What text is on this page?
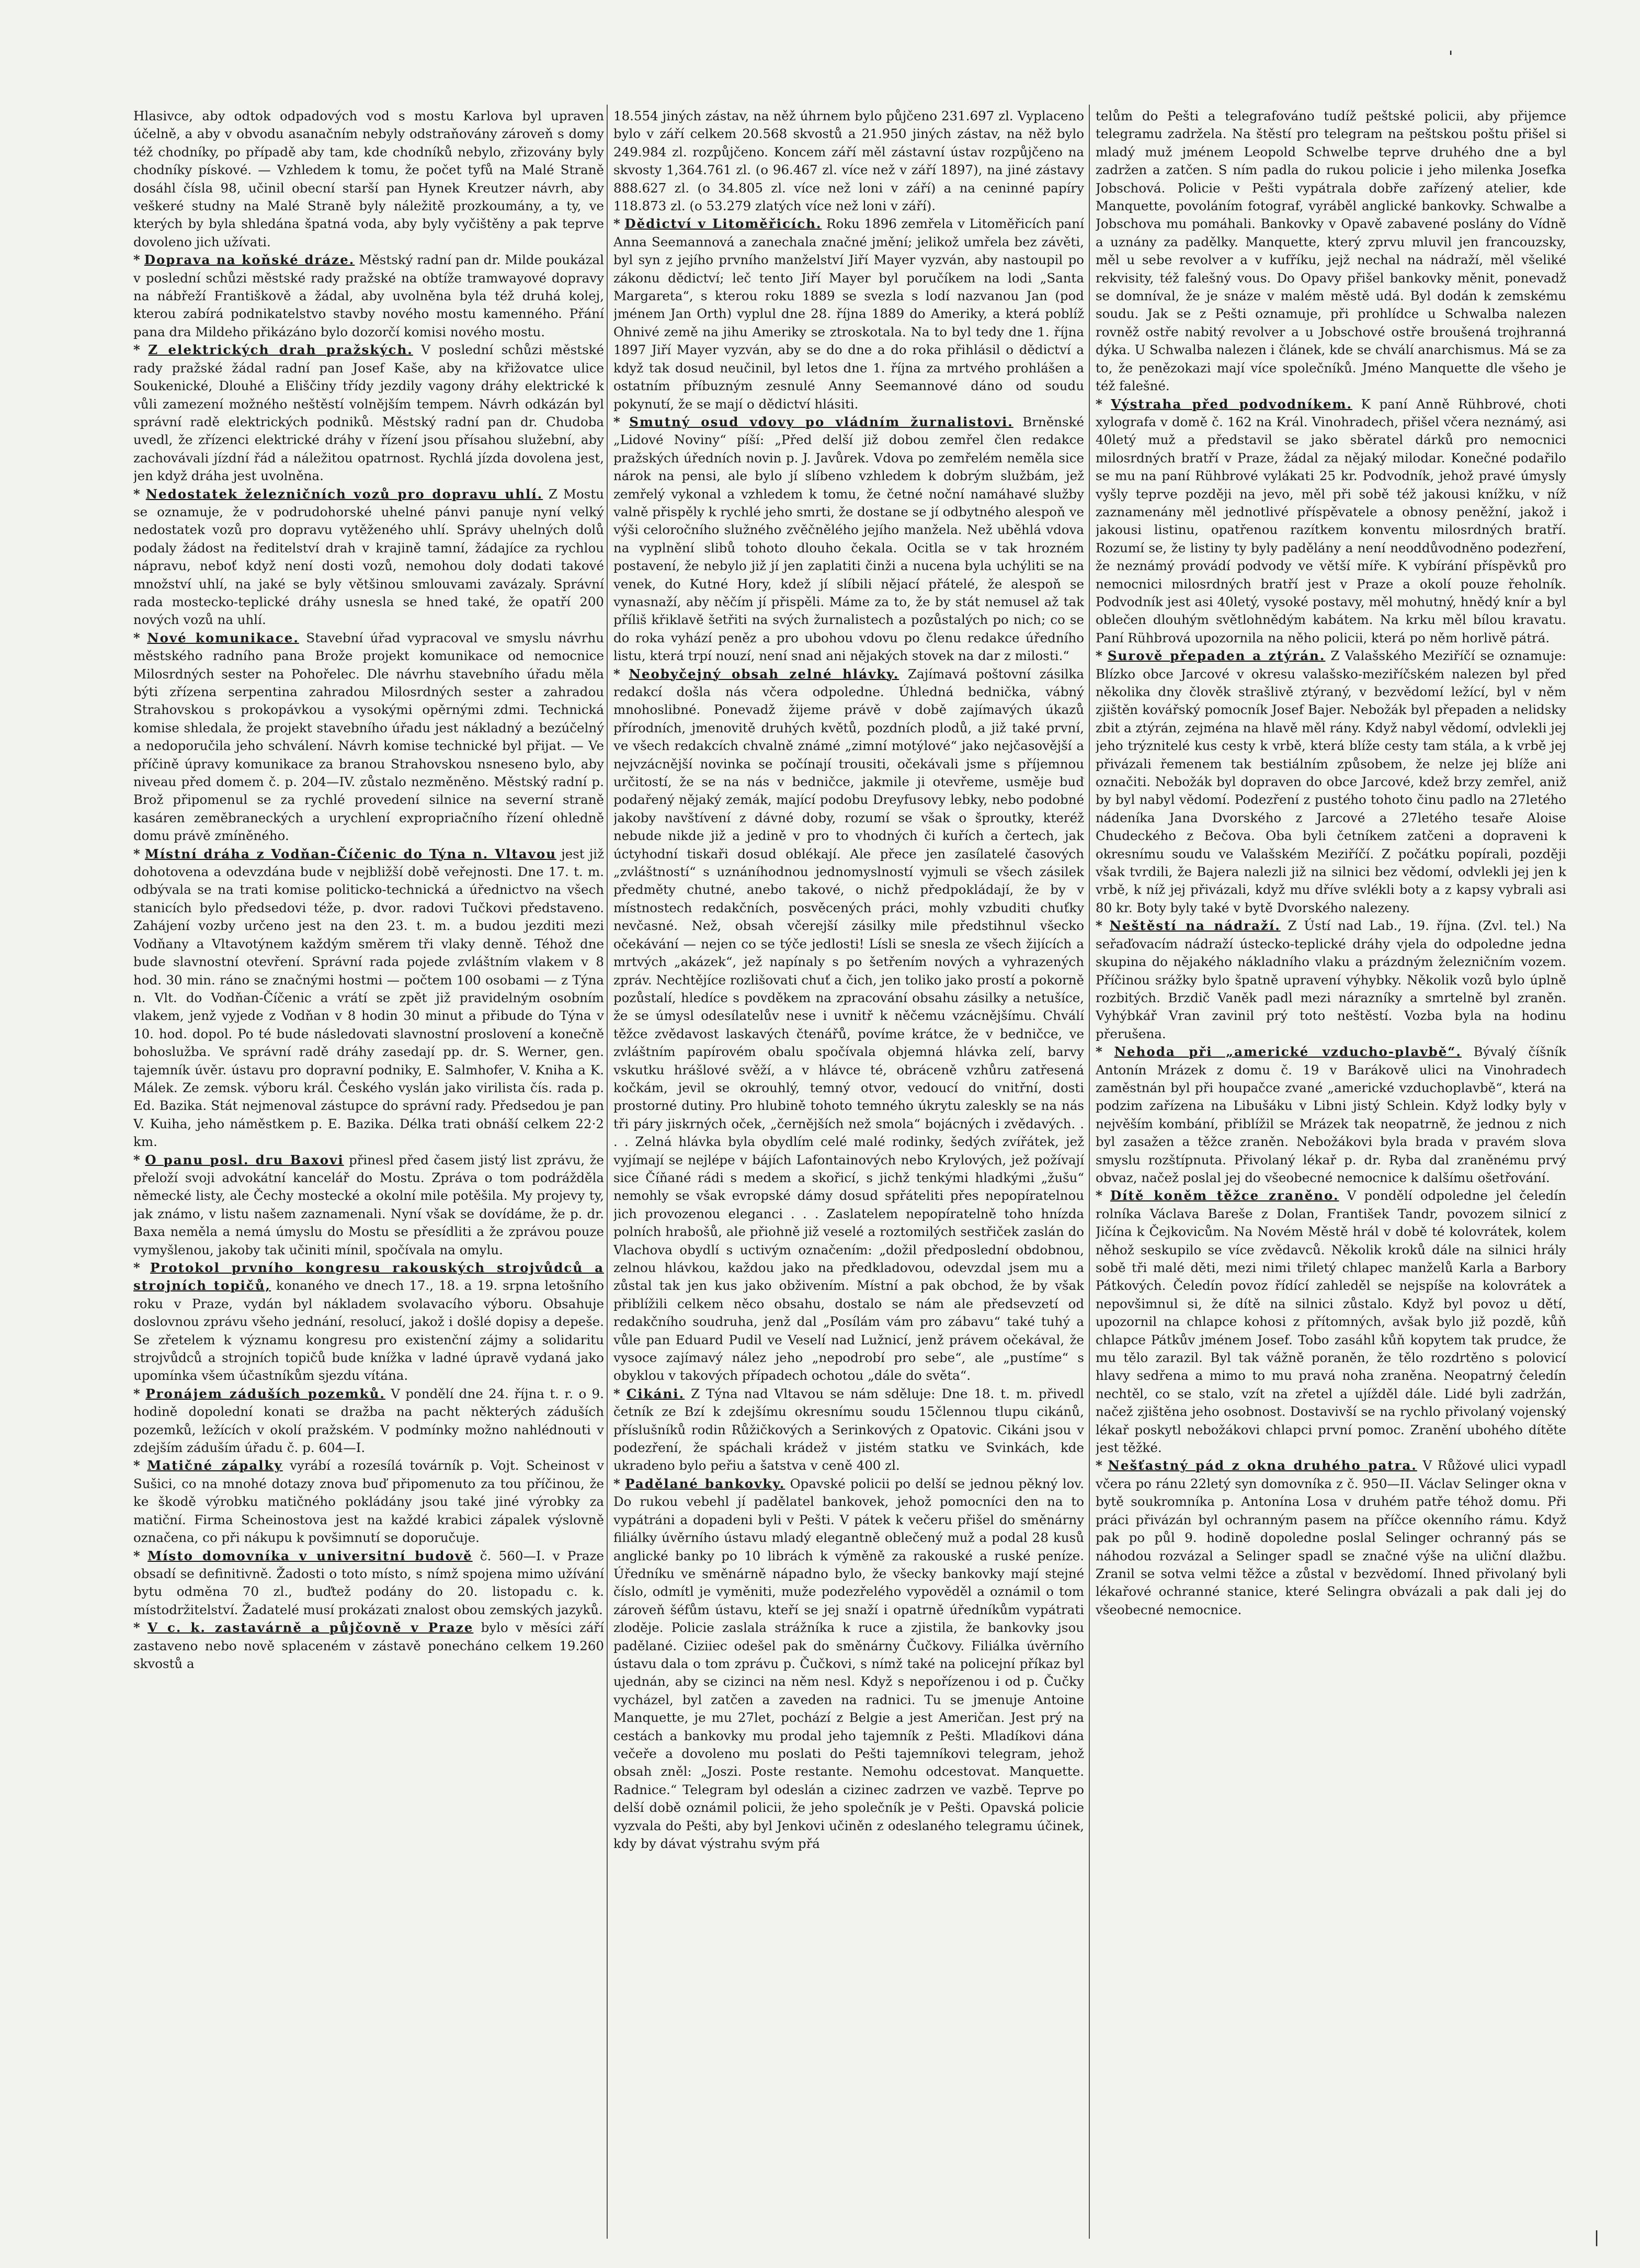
'
|

Hlasivce, aby odtok odpadových vod s mostu Karlova byl upraven účelně, a aby v obvodu asanačním nebyly odstraňovány zároveň s domy též chodníky, po případě aby tam, kde chodníků nebylo, zřizovány byly chodníky pískové. — Vzhledem k tomu, že počet tyfů na Malé Straně dosáhl čísla 98, učinil obecní starší pan Hynek Kreutzer návrh, aby veškeré studny na Malé Straně byly náležitě prozkoumány, a ty, ve kterých by byla shledána špatná voda, aby byly vyčištěny a pak teprve dovoleno jich užívati.

* Doprava na koňské dráze. Městský radní pan dr. Milde poukázal v poslední schůzi městské rady pražské na obtíže tramwayové dopravy na nábřeží Františkově a žádal, aby uvolněna byla též druhá kolej, kterou zabírá podnikatelstvo stavby nového mostu kamenného. Přání pana dra Mildeho přikázáno bylo dozorčí komisi nového mostu.

* Z elektrických drah pražských. V poslední schůzi městské rady pražské žádal radní pan Josef Kaše, aby na křižovatce ulice Soukenické, Dlouhé a Eliščiny třídy jezdily vagony dráhy elektrické k vůli zamezení možného neštěstí volnějším tempem. Návrh odkázán byl správní radě elektrických podniků. Městský radní pan dr. Chudoba uvedl, že zřízenci elektrické dráhy v řízení jsou přísahou služební, aby zachovávali jízdní řád a náležitou opatrnost. Rychlá jízda dovolena jest, jen když dráha jest uvolněna.

* Nedostatek železničních vozů pro dopravu uhlí. Z Mostu se oznamuje, že v podrudohorské uhelné pánvi panuje nyní velký nedostatek vozů pro dopravu vytěženého uhlí. Správy uhelných dolů podaly žádost na ředitelství drah v krajině tamní, žádajíce za rychlou nápravu, neboť když není dosti vozů, nemohou doly dodati takové množství uhlí, na jaké se byly většinou smlouvami zavázaly. Správní rada mostecko-teplické dráhy usnesla se hned také, že opatří 200 nových vozů na uhlí.

* Nové komunikace. Stavební úřad vypracoval ve smyslu návrhu městského radního pana Brože projekt komunikace od nemocnice Milosrdných sester na Pohořelec. Dle návrhu stavebního úřadu měla býti zřízena serpentina zahradou Milosrdných sester a zahradou Strahovskou s prokopávkou a vysokými opěrnými zdmi. Technická komise shledala, že projekt stavebního úřadu jest nákladný a bezúčelný a nedoporučila jeho schválení. Návrh komise technické byl přijat. — Ve příčině úpravy komunikace za branou Strahovskou nsneseno bylo, aby niveau před domem č. p. 204—IV. zůstalo nezměněno. Městský radní p. Brož připomenul se za rychlé provedení silnice na severní straně kasáren zeměbraneckých a urychlení expropriačního řízení ohledně domu právě zmíněného.

* Místní dráha z Vodňan-Číčenic do Týna n. Vltavou jest již dohotovena a odevzdána bude v nejbližší době veřejnosti. Dne 17. t. m. odbývala se na trati komise politicko-technická a úřednictvo na všech stanicích bylo předsedovi téže, p. dvor. radovi Tučkovi představeno. Zahájení vozby určeno jest na den 23. t. m. a budou jezditi mezi Vodňany a Vltavotýnem každým směrem tři vlaky denně. Téhož dne bude slavnostní otevření. Správní rada pojede zvláštním vlakem v 8 hod. 30 min. ráno se značnými hostmi — počtem 100 osobami — z Týna n. Vlt. do Vodňan-Číčenic a vrátí se zpět již pravidelným osobním vlakem, jenž vyjede z Vodňan v 8 hodin 30 minut a přibude do Týna v 10. hod. dopol. Po té bude následovati slavnostní proslovení a konečně bohoslužba. Ve správní radě dráhy zasedají pp. dr. S. Werner, gen. tajemník úvěr. ústavu pro dopravní podniky, E. Salmhofer, V. Kniha a K. Málek. Ze zemsk. výboru král. Českého vyslán jako virilista čís. rada p. Ed. Bazika. Stát nejmenoval zástupce do správní rady. Předsedou je pan V. Kuiha, jeho náměstkem p. E. Bazika. Délka trati obnáší celkem 22·2 km.

* O panu posl. dru Baxovi přinesl před časem jistý list zprávu, že přeloží svoji advokátní kancelář do Mostu. Zpráva o tom podrážděla německé listy, ale Čechy mostecké a okolní mile potěšila. My projevy ty, jak známo, v listu našem zaznamenali. Nyní však se dovídáme, že p. dr. Baxa nemělа a nemá úmyslu do Mostu se přesídliti a že zprávou pouze vymyšlenou, jakoby tak učiniti mínil, spočívala na omylu.

* Protokol prvního kongresu rakouských strojvůdců a strojních topičů, konaného ve dnech 17., 18. a 19. srpna letošního roku v Praze, vydán byl nákladem svolavacího výboru. Obsahuje doslovnou zprávu všeho jednání, resolucí, jakož i došlé dopisy a depeše. Se zřetelem k významu kongresu pro existenční zájmy a solidaritu strojvůdců a strojních topičů bude knížka v ladné úpravě vydaná jako upomínka všem účastníkům sjezdu vítána.

* Pronájem záduších pozemků. V pondělí dne 24. října t. r. o 9. hodině dopolední konati se dražba na pacht některých záduších pozemků, ležících v okolí pražském. V podmínky možno nahlédnouti v zdejším záduším úřadu č. p. 604—I.

* Matičné zápalky vyrábí a rozesílá továrník p. Vojt. Scheinost v Sušici, co na mnohé dotazy znova buď připomenuto za tou příčinou, že ke škodě výrobku matičného pokládány jsou také jiné výrobky za matiční. Firma Scheinostova jest na každé krabici zápalek výslovně označena, co při nákupu k povšimnutí se doporučuje.

* Místo domovníka v universitní budově č. 560—I. v Praze obsadí se definitivně. Žadosti o toto místo, s nímž spojena mimo užívání bytu odměna 70 zl., buďtež podány do 20. listopadu c. k. místodržitelství. Žadatelé musí prokázati znalost obou zemských jazyků.

* V c. k. zastavárně a půjčovně v Praze bylo v měsíci září zastaveno nebo nově splaceném v zástavě ponecháno celkem 19.260 skvostů a

18.554 jiných zástav, na něž úhrnem bylo půjčeno 231.697 zl. Vyplaceno bylo v září celkem 20.568 skvostů a 21.950 jiných zástav, na něž bylo 249.984 zl. rozpůjčeno. Koncem září měl zástavní ústav rozpůjčeno na skvosty 1,364.761 zl. (o 96.467 zl. více než v září 1897), na jiné zástavy 888.627 zl. (o 34.805 zl. více než loni v září) a na ceninné papíry 118.873 zl. (o 53.279 zlatých více než loni v září).

* Dědictví v Litoměřicích. Roku 1896 zemřela v Litoměřicích paní Anna Seemannová a zanechala značné jmění; jelikož umřela bez závěti, byl syn z jejího prvního manželství Jiří Mayer vyzván, aby nastoupil po zákonu dědictví; leč tento Jiří Mayer byl poručíkem na lodi „Santa Margareta“, s kterou roku 1889 se svezla s lodí nazvanou Jan (pod jménem Jan Orth) vyplul dne 28. října 1889 do Ameriky, a která poblíž Ohnivé země na jihu Ameriky se ztroskotala. Na to byl tedy dne 1. října 1897 Jiří Mayer vyzván, aby se do dne a do roka přihlásil o dědictví a když tak dosud neučinil, byl letos dne 1. října za mrtvého prohlášen a ostatním příbuzným zesnulé Anny Seemannové dáno od soudu pokynutí, že se mají o dědictví hlásiti.

* Smutný osud vdovy po vládním žurnalistovi. Brněnské „Lidové Noviny“ píší: „Před delší již dobou zemřel člen redakce pražských úředních novin p. J. Javůrek. Vdova po zemřelém neměla sice nárok na pensi, ale bylo jí slíbeno vzhledem k dobrým službám, jež zemřelý vykonal a vzhledem k tomu, že četné noční namáhavé služby valně přispěly k rychlé jeho smrti, že dostane se jí odbytného alespoň ve výši celoročního služného zvěčnělého jejího manžela. Než uběhlá vdova na vyplnění slibů tohoto dlouho čekala. Ocitla se v tak hrozném postavení, že nebylo již jí jen zaplatiti činži a nucena byla uchýliti se na venek, do Kutné Hory, kdež jí slíbili nějací přátelé, že alespoň se vynasnaží, aby něčím jí přispěli. Máme za to, že by stát nemusel až tak příliš křiklavě šetřiti na svých žurnalistech a pozůstalých po nich; co se do roka vyhází peněz a pro ubohou vdovu po členu redakce úředního listu, která trpí nouzí, není snad ani nějakých stovek na dar z milosti.“

* Neobyčejný obsah zelné hlávky. Zajímavá poštovní zásilka redakcí došla nás včera odpoledne. Úhledná bednička, vábný mnohoslibné. Ponevadž žijeme právě v době zajímavých úkazů přírodních, jmenovitě druhých květů, pozdních plodů, a již také první, ve všech redakcích chvalně známé „zimní motýlové“ jako nejčasovější a nejvzácnější novinka se počínají trousiti, očekávali jsme s příjemnou určitostí, že se na nás v bedničce, jakmile ji otevřeme, usměje buď podařený nějaký zemák, mající podobu Dreyfusovy lebky, nebo podobné jakoby navštívení z dávné doby, rozumí se však o šproutky, kteréž nebude nikde již a jedině v pro to vhodných či kuřích a čertech, jak úctyhodní tiskaři dosud oblékají. Ale přece jen zasílatelé časových „zvláštností“ s uznáníhodnou jednomyslností vyjmuli se všech zásilek předměty chutné, anebo takové, o nichž předpokládají, že by v místnostech redakčních, posvěcených práci, mohly vzbuditi chuťky nevčasné. Než, obsah včerejší zásilky mile předstihnul všecko očekávání — nejen co se týče jedlosti! Lísli se snesla ze všech žijících a mrtvých „akázek“, jež napínaly s po šetřením nových a vyhrazených zpráv. Nechtějíce rozlišovati chuť a čich, jen toliko jako prostí a pokorně pozůstalí, hledíce s povděkem na zpracování obsahu zásilky a netušíce, že se úmysl odesílatelův nese i uvnitř k něčemu vzácnějšímu. Chválí těžce zvědavost laskavých čtenářů, povíme krátce, že v bedničce, ve zvláštním papírovém obalu spočívala objemná hlávka zelí, barvy vskutku hrášlové svěží, a v hlávce té, obráceně vzhůru zatřesená kočkám, jevil se okrouhlý, temný otvor, vedoucí do vnitřní, dosti prostorné dutiny. Pro hlubině tohoto temného úkrytu zaleskly se na nás tři páry jiskrných oček, „černějších než smola“ bojácných i zvědavých. . . . Zelná hlávka byla obydlím celé malé rodinky, šedých zvířátek, jež vyjímají se nejlépe v bájích Lafontainových nebo Krylových, jež požívají sice Číňané rádi s medem a skořicí, s jichž tenkými hladkými „žušu“ nemohly se však evropské dámy dosud spřáteliti přes nepopíratelnou jich provozenou eleganci . . . Zaslatelem nepopíratelně toho hnízda polních hrabošů, ale přiohně již veselé a roztomilých sestřiček zaslán do Vlachova obydlí s uctivým označením: „dožil předposlední obdobnou, zelnou hlávkou, každou jako na předkladovou, odevzdal jsem mu a zůstal tak jen kus jako obživením. Místní a pak obchod, že by však přiblížili celkem něco obsahu, dostalo se nám ale předsevzetí od redakčního soudruha, jenž dal „Posílám vám pro zábavu“ také tuhý a vůle pan Eduard Pudil ve Veselí nad Lužnicí, jenž právem očekával, že vysoce zajímavý nález jeho „nepodrobí pro sebe“, ale „pustíme“ s obyklou v takových případech ochotou „dále do světa“.

* Cikáni. Z Týna nad Vltavou se nám sděluje: Dne 18. t. m. přivedl četník ze Bzí k zdejšímu okresnímu soudu 15člennou tlupu cikánů, příslušníků rodin Růžičkových a Serinkových z Opatovic. Cikáni jsou v podezření, že spáchali krádež v jistém statku ve Svinkách, kde ukradeno bylo peřiu a šatstva v ceně 400 zl.

* Padělané bankovky. Opavské policii po delší se jednou pěkný lov. Do rukou vebehl jí padělatel bankovek, jehož pomocníci den na to vypátráni a dopadeni byli v Pešti. V pátek k večeru přišel do směnárny filiálky úvěrního ústavu mladý elegantně oblečený muž a podal 28 kusů anglické banky po 10 librách k výměně za rakouské a ruské peníze. Úředníku ve směnárně nápadno bylo, že všecky bankovky mají stejné číslo, odmítl je vyměniti, muže podezřelého vypověděl a oznámil o tom zároveň šéfům ústavu, kteří se jej snaží i opatrně úředníkům vypátrati zloděje. Policie zaslala strážníka k ruce a zjistila, že bankovky jsou padělané. Ciziiec odešel pak do směnárny Čučkovy. Filiálka úvěrního ústavu dala o tom zprávu p. Čučkovi, s nímž také na policejní příkaz byl ujednán, aby se cizinci na něm nesl. Když s nepořízenou i od p. Čučky vycházel, byl zatčen a zaveden na radnici. Tu se jmenuje Antoine Manquette, je mu 27let, pochází z Belgie a jest Američan. Jest prý na cestách a bankovky mu prodal jeho tajemník z Pešti. Mladíkovi dána večeře a dovoleno mu poslati do Pešti tajemníkovi telegram, jehož obsah zněl: „Joszi. Poste restante. Nemohu odcestovat. Manquette. Radnice.“ Telegram byl odeslán a cizinec zadrzen ve vazbě. Teprve po delší době oznámil policii, že jeho společník je v Pešti. Opavská policie vyzvala do Pešti, aby byl Jenkovi učiněn z odeslaného telegramu účinek, kdy by dávat výstrahu svým přá

telům do Pešti a telegrafováno tudíž peštské policii, aby přijemce telegramu zadržela. Na štěstí pro telegram na peštskou poštu přišel si mladý muž jménem Leopold Schwelbe teprve druhého dne a byl zadržen a zatčen. S ním padla do rukou policie i jeho milenka Josefka Jobschová. Policie v Pešti vypátrala dobře zařízený atelier, kde Manquette, povoláním fotograf, vyráběl anglické bankovky. Schwalbe a Jobschova mu pomáhali. Bankovky v Opavě zabavené poslány do Vídně a uznány za padělky. Manquette, který zprvu mluvil jen francouzsky, měl u sebe revolver a v kufříku, jejž nechal na nádraží, měl všeliké rekvisity, též falešný vous. Do Opavy přišel bankovky měnit, ponevadž se domníval, že je snáze v malém městě udá. Byl dodán k zemskému soudu. Jak se z Pešti oznamuje, při prohlídce u Schwalba nalezen rovněž ostře nabitý revolver a u Jobschové ostře broušená trojhranná dýka. U Schwalba nalezen i článek, kde se chválí anarchismus. Má se za to, že penězokazi mají více společníků. Jméno Manquette dle všeho je též falešné.

* Výstraha před podvodníkem. K paní Anně Rühbrové, choti xylografa v domě č. 162 na Král. Vinohradech, přišel včera neznámý, asi 40letý muž a představil se jako sběratel dárků pro nemocnici milosrdných bratří v Praze, žádal za nějaký milodar. Konečné podařilo se mu na paní Rühbrové vylákati 25 kr. Podvodník, jehož pravé úmysly vyšly teprve později na jevo, měl při sobě též jakousi knížku, v níž zaznamenány měl jednotlivé příspěvatele a obnosy peněžní, jakož i jakousi listinu, opatřenou razítkem konventu milosrdných bratří. Rozumí se, že listiny ty byly padělány a není neoddůvodněno podezření, že neznámý provádí podvody ve větší míře. K vybírání příspěvků pro nemocnici milosrdných bratří jest v Praze a okolí pouze řeholník. Podvodník jest asi 40letý, vysoké postavy, měl mohutný, hnědý knír a byl oblečen dlouhým světlohnědým kabátem. Na krku měl bílou kravatu. Paní Rühbrová upozornila na něho policii, která po něm horlivě pátrá.

* Surově přepaden a ztýrán. Z Valašského Meziříčí se oznamuje: Blízko obce Jarcové v okresu valašsko-meziříčském nalezen byl před několika dny člověk strašlivě ztýraný, v bezvědomí ležící, byl v něm zjištěn kovářský pomocník Josef Bajer. Nebožák byl přepaden a nelidsky zbit a ztýrán, zejména na hlavě měl rány. Když nabyl vědomí, odvlekli jej jeho trýznitelé kus cesty k vrbě, která blíže cesty tam stála, a k vrbě jej přivázali řemenem tak bestiálním způsobem, že nelze jej blíže ani označiti. Nebožák byl dopraven do obce Jarcové, kdež brzy zemřel, aniž by byl nabyl vědomí. Podezření z pustého tohoto činu padlo na 27letého nádeníka Jana Dvorského z Jarcové a 27letého tesaře Aloise Chudeckého z Bečova. Oba byli četníkem zatčeni a dopraveni k okresnímu soudu ve Valašském Meziříčí. Z počátku popírali, později však tvrdili, že Bajera nalezli již na silnici bez vědomí, odvlekli jej jen k vrbě, k níž jej přivázali, když mu dříve svlékli boty a z kapsy vybrali asi 80 kr. Boty byly také v bytě Dvorského nalezeny.

* Neštěstí na nádraží. Z Ústí nad Lab., 19. října. (Zvl. tel.) Na seřaďovacím nádraží ústecko-teplické dráhy vjela do odpoledne jedna skupina do nějakého nákladního vlaku a prázdným železničním vozem. Příčinou srážky bylo špatně upravení výhybky. Několik vozů bylo úplně rozbitých. Brzdič Vaněk padl mezi nárazníky a smrtelně byl zraněn. Vyhýbkář Vran zavinil prý toto neštěstí. Vozba byla na hodinu přerušena.

* Nehoda při „americké vzducho-plavbě“. Bývalý číšník Antonín Mrázek z domu č. 19 v Barákově ulici na Vinohradech zaměstnán byl při houpačce zvané „americké vzduchoplavbě“, která na podzim zařízena na Libušáku v Libni jistý Schlein. Když lodky byly v nejvěším kombání, přiblížil se Mrázek tak neopatrně, že jednou z nich byl zasažen a těžce zraněn. Nebožákovi byla brada v pravém slova smyslu rozštípnuta. Přivolaný lékař p. dr. Ryba dal zraněnému prvý obvaz, načež poslal jej do všeobecné nemocnice k dalšímu ošetřování.

* Dítě koněm těžce zraněno. V pondělí odpoledne jel čeledín rolníka Václava Bareše z Dolan, František Tandr, povozem silnicí z Jičína k Čejkovicům. Na Novém Městě hrál v době té kolovrátek, kolem něhož seskupilo se více zvědavců. Několik kroků dále na silnici hrály sobě tři malé děti, mezi nimi třiletý chlapec manželů Karla a Barbory Pátkových. Čeledín povoz řídící zahleděl se nejspíše na kolovrátek a nepovšimnul si, že dítě na silnici zůstalo. Když byl povoz u dětí, upozornil na chlapce kohosi z přítomných, avšak bylo již pozdě, kůň chlapce Pátkův jménem Josef. Tobo zasáhl kůň kopytem tak prudce, že mu tělo zarazil. Byl tak vážně poraněn, že tělo rozdrtěno s polovicí hlavy sedřena a mimo to mu pravá noha zraněna. Neopatrný čeledín nechtěl, co se stalo, vzít na zřetel a ujížděl dále. Lidé byli zadržán, načež zjištěna jeho osobnost. Dostavivší se na rychlo přivolaný vojenský lékař poskytl nebožákovi chlapci první pomoc. Zranění ubohého dítěte jest těžké.

* Nešťastný pád z okna druhého patra. V Růžové ulici vypadl včera po ránu 22letý syn domovníka z č. 950—II. Václav Selinger okna v bytě soukromníka p. Antonína Losa v druhém patře téhož domu. Při práci přivázán byl ochranným pasem na příčce okenního rámu. Když pak po půl 9. hodině dopoledne poslal Selinger ochranný pás se náhodou rozvázal a Selinger spadl se značné výše na uliční dlažbu. Zranil se sotva velmi těžce a zůstal v bezvědomí. Ihned přivolaný byli lékařové ochranné stanice, které Selingra obvázali a pak dali jej do všeobecné nemocnice.
